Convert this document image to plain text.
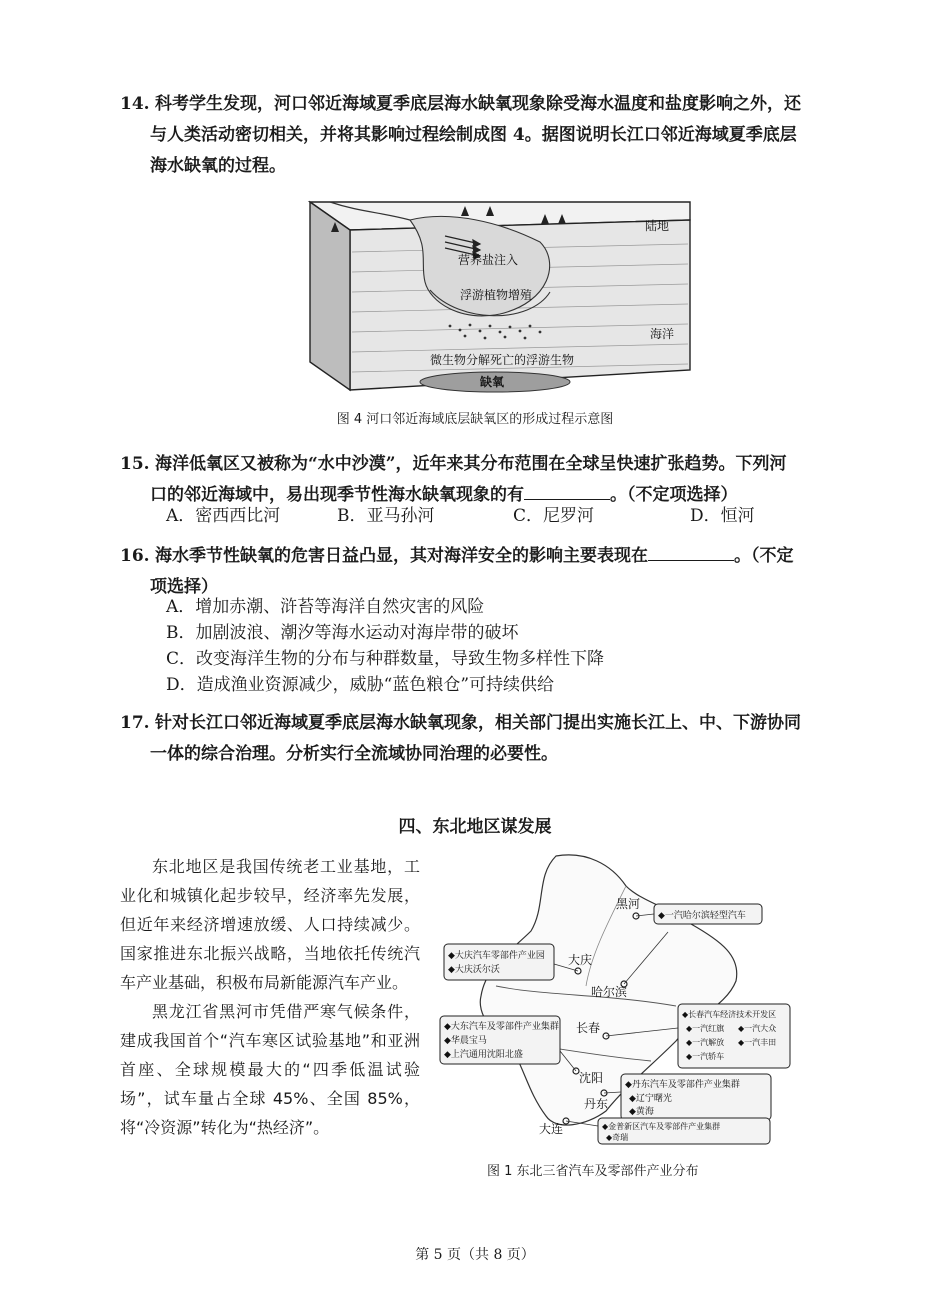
14. 科考学生发现，河口邻近海域夏季底层海水缺氧现象除受海水温度和盐度影响之外，还
与人类活动密切相关，并将其影响过程绘制成图 4。据图说明长江口邻近海域夏季底层
海水缺氧的过程。
陆地
营养盐注入
浮游植物增殖
海洋
微生物分解死亡的浮游生物
缺氧
图 4 河口邻近海域底层缺氧区的形成过程示意图
15. 海洋低氧区又被称为“水中沙漠”，近年来其分布范围在全球呈快速扩张趋势。下列河
口的邻近海域中，易出现季节性海水缺氧现象的有	。（不定项选择）
A．密西西比河	B．亚马孙河	C．尼罗河	D．恒河
16. 海水季节性缺氧的危害日益凸显，其对海洋安全的影响主要表现在	。（不定
项选择）
A．增加赤潮、浒苔等海洋自然灾害的风险
B．加剧波浪、潮汐等海水运动对海岸带的破坏
C．改变海洋生物的分布与种群数量，导致生物多样性下降
D．造成渔业资源减少，威胁“蓝色粮仓”可持续供给
17. 针对长江口邻近海域夏季底层海水缺氧现象，相关部门提出实施长江上、中、下游协同
一体的综合治理。分析实行全流域协同治理的必要性。
四、东北地区谋发展

东北地区是我国传统老工业基地，工业化和城镇化起步较早，经济率先发展，但近年来经济增速放缓、人口持续减少。国家推进东北振兴战略，当地依托传统汽车产业基础，积极布局新能源汽车产业。

黑龙江省黑河市凭借严寒气候条件，建成我国首个“汽车寒区试验基地”和亚洲首座、全球规模最大的“四季低温试验场”，试车量占全球 45%、全国 85%，将“冷资源”转化为“热经济”。

黑河
大庆
哈尔滨
长春
沈阳
丹东
大连
◆一汽哈尔滨轻型汽车
◆大庆汽车零部件产业园
◆大庆沃尔沃
◆大东汽车及零部件产业集群
◆华晨宝马
◆上汽通用沈阳北盛
◆长春汽车经济技术开发区
◆一汽红旗 ◆一汽大众
◆一汽解放 ◆一汽丰田
◆一汽轿车
◆丹东汽车及零部件产业集群
◆辽宁曙光
◆黄海
◆金普新区汽车及零部件产业集群
◆奇瑞
图 1 东北三省汽车及零部件产业分布
第 5 页（共 8 页）
